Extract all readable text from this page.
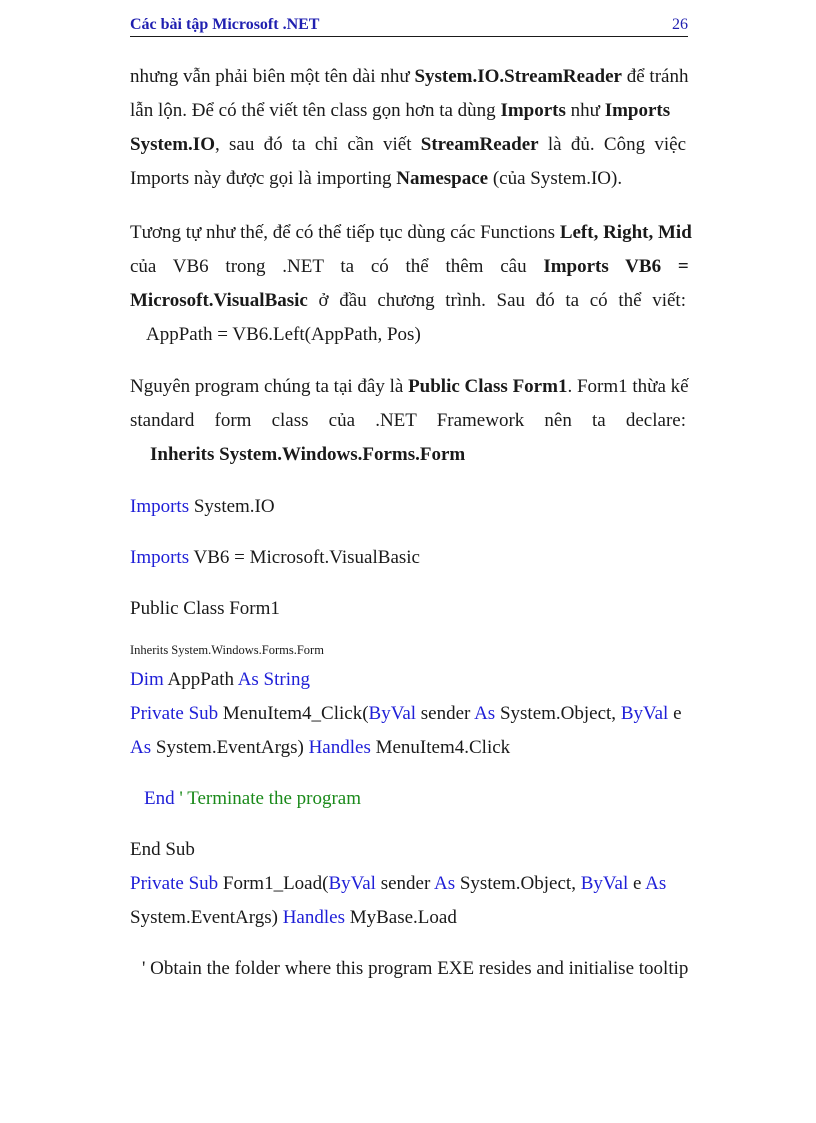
Các bài tập Microsoft .NET	26
nhưng vẫn phải biên một tên dài như System.IO.StreamReader để tránh
lẫn lộn. Để có thể viết tên class gọn hơn ta dùng Imports như Imports
System.IO, sau đó ta chỉ cần viết StreamReader là đủ. Công việc
Imports này được gọi là importing Namespace (của System.IO).
Tương tự như thế, để có thể tiếp tục dùng các Functions Left, Right, Mid
của VB6 trong .NET ta có thể thêm câu Imports VB6 =
Microsoft.VisualBasic ở đầu chương trình. Sau đó ta có thể viết:
AppPath = VB6.Left(AppPath, Pos)
Nguyên program chúng ta tại đây là Public Class Form1. Form1 thừa kế
standard form class của .NET Framework nên ta declare:
Inherits System.Windows.Forms.Form
Imports System.IO
Imports VB6 = Microsoft.VisualBasic
Public Class Form1
Inherits System.Windows.Forms.Form
Dim AppPath As String
Private Sub MenuItem4_Click(ByVal sender As System.Object, ByVal e
As System.EventArgs) Handles MenuItem4.Click
End ' Terminate the program
End Sub
Private Sub Form1_Load(ByVal sender As System.Object, ByVal e As
System.EventArgs) Handles MyBase.Load
' Obtain the folder where this program EXE resides and initialise tooltip
